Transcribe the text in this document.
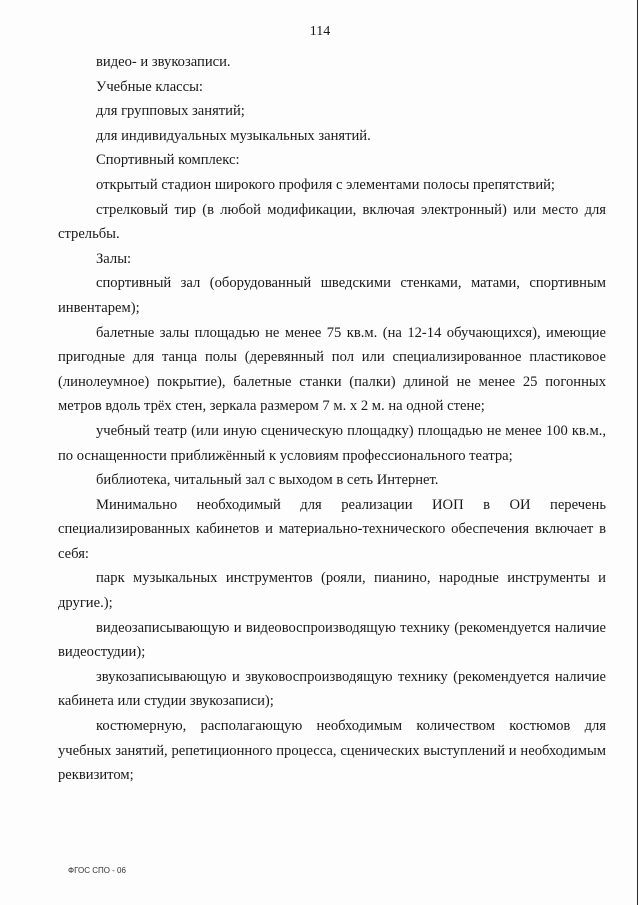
114

видео- и звукозаписи.

Учебные классы:

для групповых занятий;

для индивидуальных музыкальных занятий.

Спортивный комплекс:

открытый стадион широкого профиля с элементами полосы препятствий;

стрелковый тир (в любой модификации, включая электронный) или место для стрельбы.

Залы:

спортивный зал (оборудованный шведскими стенками, матами, спортивным инвентарем);

балетные залы площадью не менее 75 кв.м. (на 12-14 обучающихся), имеющие пригодные для танца полы (деревянный пол или специализированное пластиковое (линолеумное) покрытие), балетные станки (палки) длиной не менее 25 погонных метров вдоль трёх стен, зеркала размером 7 м. х 2 м. на одной стене;

учебный театр (или иную сценическую площадку) площадью не менее 100 кв.м., по оснащенности приближённый к условиям профессионального театра;

библиотека, читальный зал с выходом в сеть Интернет.

Минимально необходимый для реализации ИОП в ОИ перечень специализированных кабинетов и материально-технического обеспечения включает в себя:

парк музыкальных инструментов (рояли, пианино, народные инструменты и другие.);

видеозаписывающую и видеовоспроизводящую технику (рекомендуется наличие видеостудии);

звукозаписывающую и звуковоспроизводящую технику (рекомендуется наличие кабинета или студии звукозаписи);

костюмерную, располагающую необходимым количеством костюмов для учебных занятий, репетиционного процесса, сценических выступлений и необходимым реквизитом;

ФГОС СПО - 06
